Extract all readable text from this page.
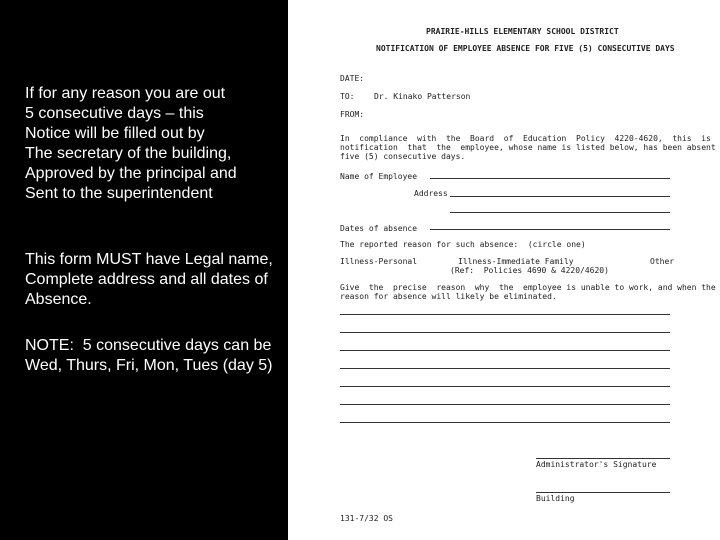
If for any reason you are out
5 consecutive days – this
Notice will be filled out by
The secretary of the building,
Approved by the principal and
Sent to the superintendent

This form MUST have Legal name,
Complete address and all dates of
Absence.

NOTE:  5 consecutive days can be
Wed, Thurs, Fri, Mon, Tues (day 5)

PRAIRIE-HILLS ELEMENTARY SCHOOL DISTRICT

NOTIFICATION OF EMPLOYEE ABSENCE FOR FIVE (5) CONSECUTIVE DAYS

DATE:

TO: Dr. Kinako Patterson

FROM:

In  compliance  with  the  Board  of  Education  Policy  4220-4620,  this  is
notification  that  the  employee, whose name is listed below, has been absent
five (5) consecutive days.

Name of Employee

Address

Dates of absence

The reported reason for such absence:  (circle one)

Illness-Personal	Illness-Immediate Family	Other

(Ref:  Policies 4690 & 4220/4620)

Give  the  precise  reason  why  the  employee is unable to work, and when the
reason for absence will likely be eliminated.

Administrator's Signature

Building

131-7/32 OS
